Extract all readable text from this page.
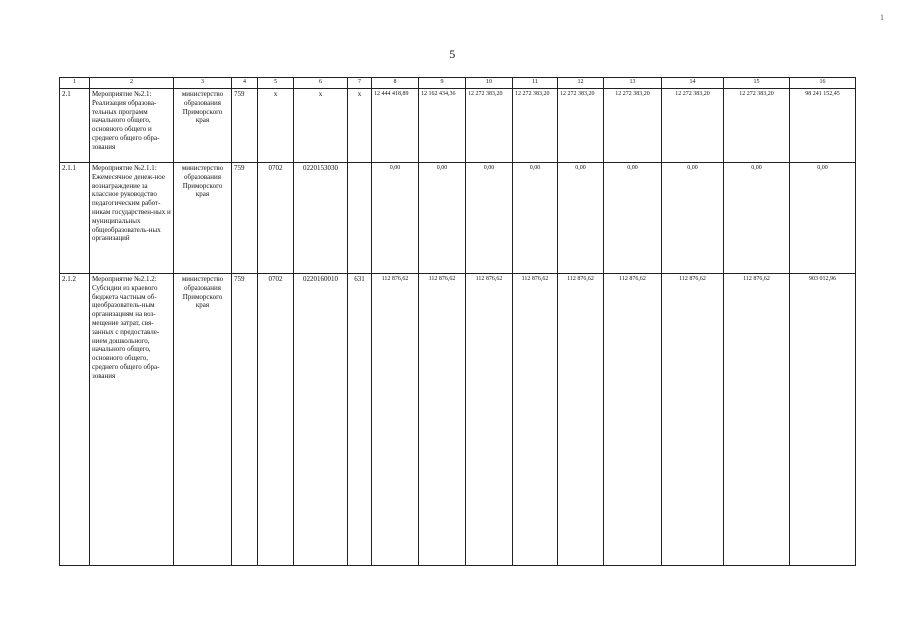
5
1
1	2	3	4	5	6	7	8	9	10	11	12	13	14	15	16
2.1	Мероприятие №2.1: Реализация образова-тельных программ начального общего, основного общего и среднего общего обра-зования	министерство образования Приморского края	759	х	х	х	12 444 418,89	12 162 434,36	12 272 383,20	12 272 383,20	12 272 383,20	12 272 383,20	12 272 383,20	12 272 383,20	98 241 152,45
2.1.1	Мероприятие №2.1.1: Ежемесячное денеж-ное вознаграждение за классное руководство педагогическим работ-никам государствен-ных и муниципальных общеобразователь-ных организаций	министерство образования Приморского края	759	0702	0220153030		0,00	0,00	0,00	0,00	0,00	0,00	0,00	0,00	0,00
2.1.2	Мероприятие №2.1.2: Субсидии из краевого бюджета частным об-щеобразователь-ным организациям на воз-мещение затрат, свя-занных с предоставле-нием дошкольного, начального общего, основного общего, среднего общего обра-зования	министерство образования Приморского края	759	0702	0220160010	631	112 876,62	112 876,62	112 876,62	112 876,62	112 876,62	112 876,62	112 876,62	112 876,62	903 012,96
